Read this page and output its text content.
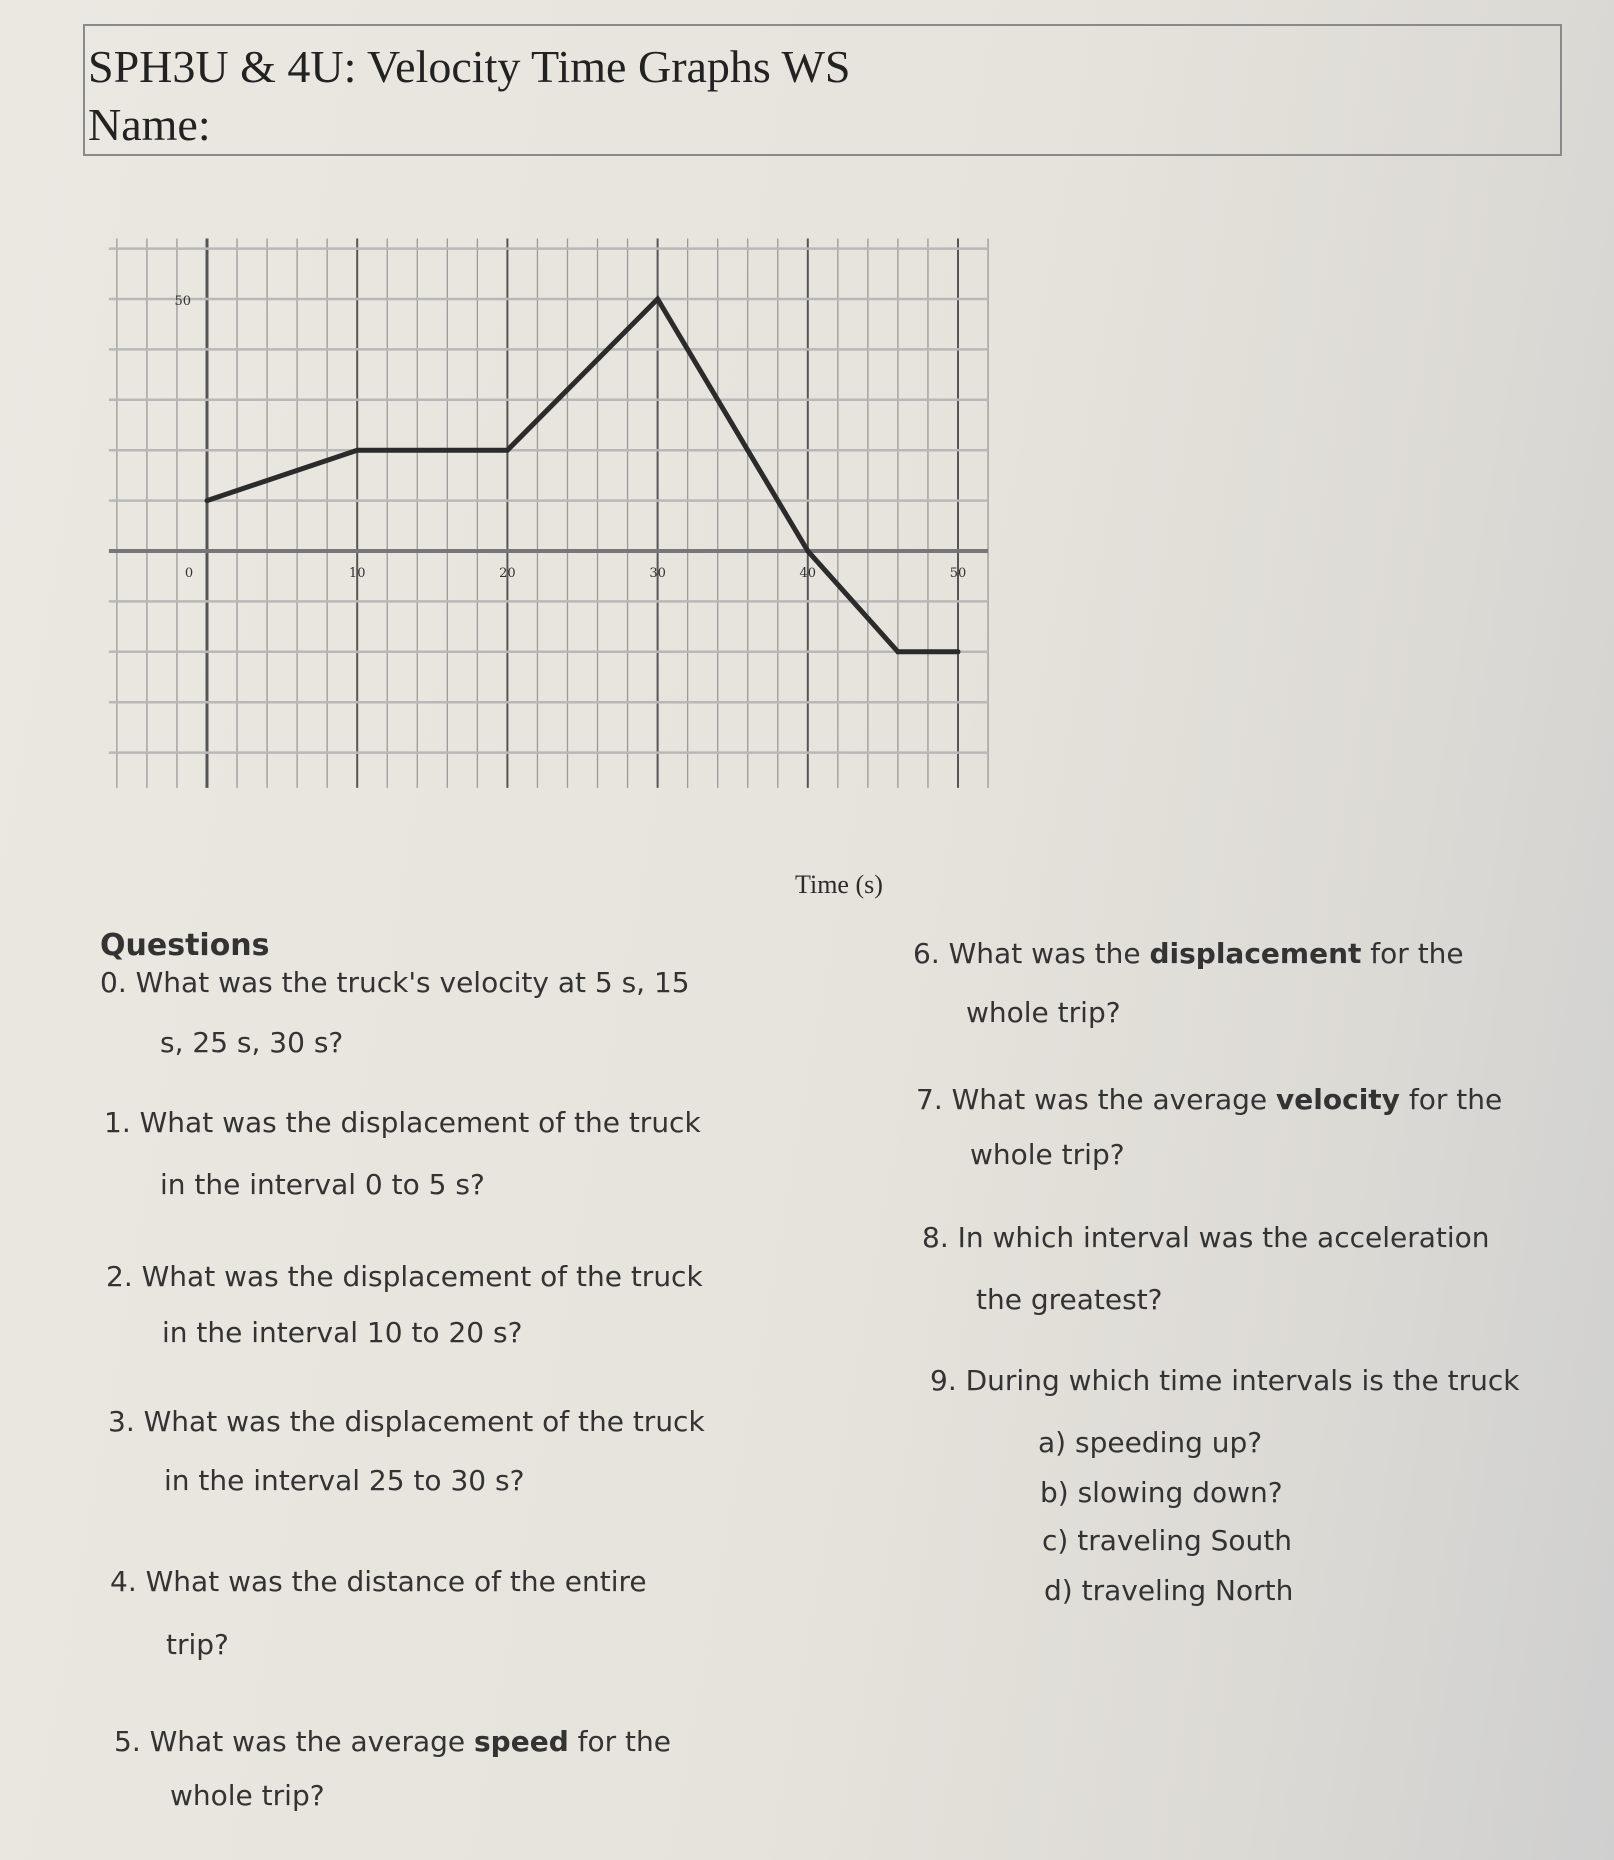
SPH3U & 4U: Velocity Time Graphs WS
Name:
0	10	20	30	40	50
50
Time (s)
Questions
0. What was the truck's velocity at 5 s, 15
s, 25 s, 30 s?
1. What was the displacement of the truck
in the interval 0 to 5 s?
2. What was the displacement of the truck
in the interval 10 to 20 s?
3. What was the displacement of the truck
in the interval 25 to 30 s?
4. What was the distance of the entire
trip?
5. What was the average speed for the
whole trip?
6. What was the displacement for the
whole trip?
7. What was the average velocity for the
whole trip?
8. In which interval was the acceleration
the greatest?
9. During which time intervals is the truck
a) speeding up?
b) slowing down?
c) traveling South
d) traveling North
